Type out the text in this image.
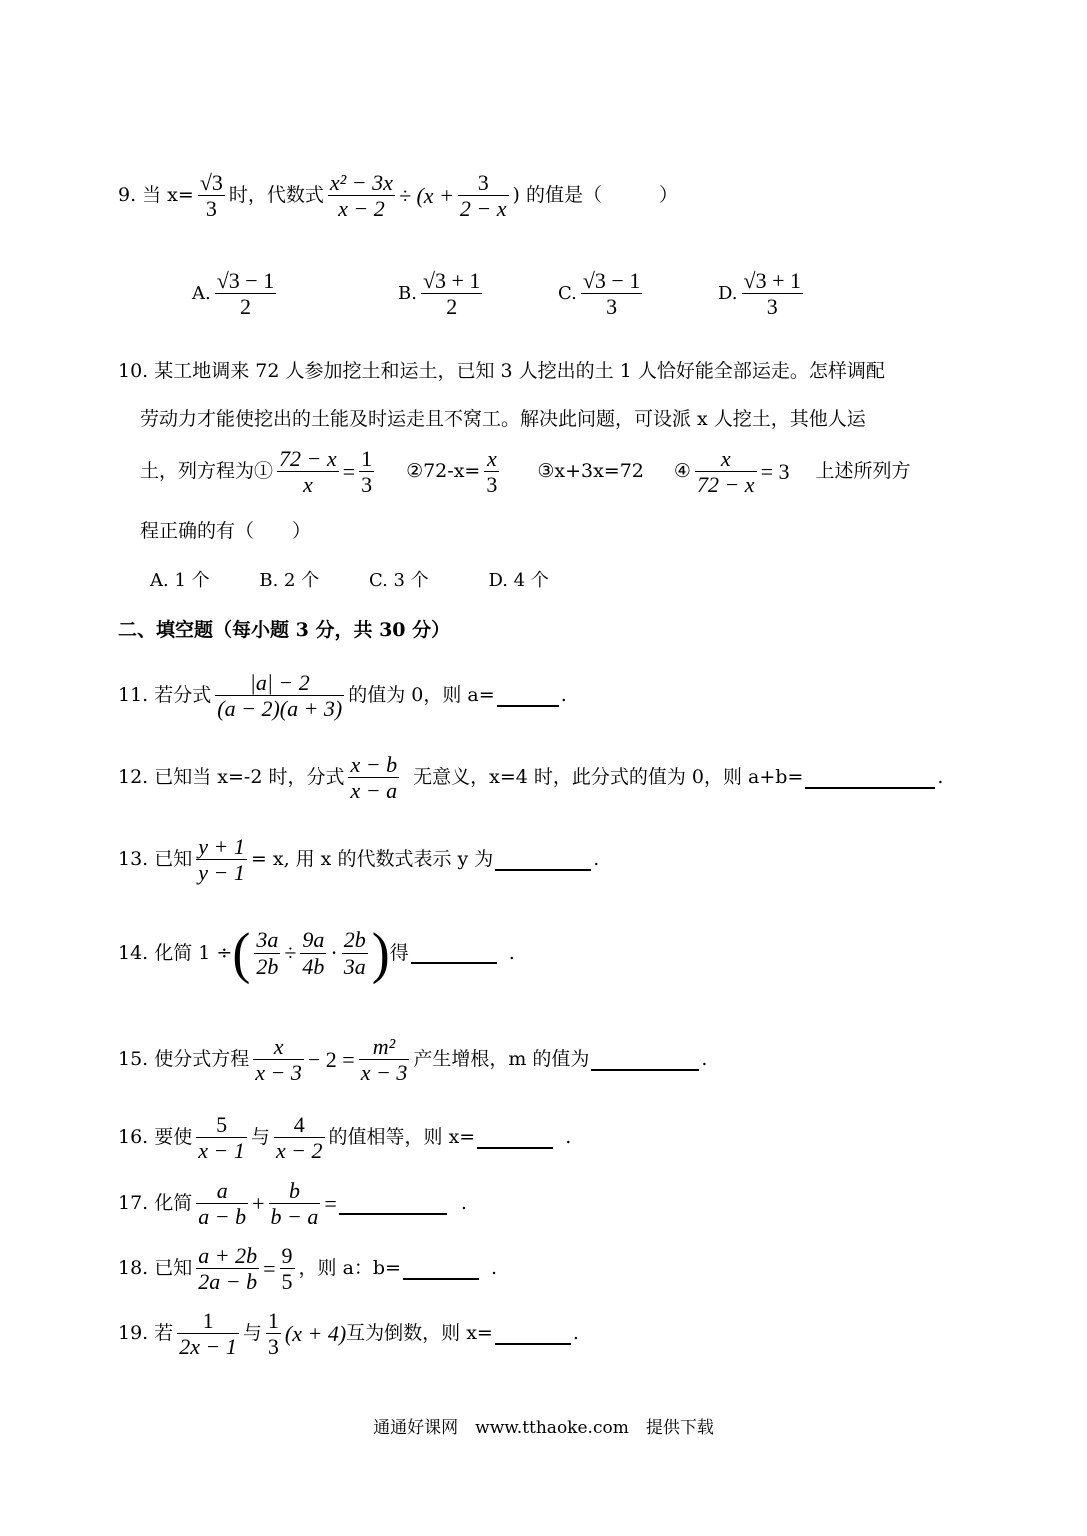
9. 当 $x= \frac{√3}{3}$ 时，代数式 $\frac{\text{x² − 3x}}{x - 2} \div (x + \frac{3}{2 - x}$ ) 的值是（　　　）
A. $\frac{√3 - 1}{2}$	B. $\frac{√3 + 1}{2}$	C. $\frac{√3 - 1}{3}$	D. $\frac{√3 + 1}{3}$
10. 某工地调来 72 人参加挖土和运土，已知 3 人挖出的土 1 人恰好能全部运走。怎样调配
劳动力才能使挖出的土能及时运走且不窝工。解决此问题，可设派 x 人挖土，其他人运
土，列方程为① $\frac{72 - x}{x} = \frac{1}{3}$ ②72-x= $\frac{x}{3}$ ③x+3x=72 ④ $\frac{x}{72 - x} = 3$ 上述所列方
程正确的有（　　）
A. 1 个	B. 2 个	C. 3 个	D. 4 个
二、填空题（每小题 3 分，共 30 分）
11. 若分式 $\frac{|a| - 2}{(a - 2)(a + 3)}$ 的值为 0，则 a=	.
12. 已知当 x=-2 时，分式 $\frac{x - b}{x - a}$ 无意义，x=4 时，此分式的值为 0，则 a+b=	.
13. 已知 $\frac{y + 1}{y - 1} = x$, 用 x 的代数式表示 y 为	.
14. 化简 1 ÷ ( $\frac{3a}{2b} \div \frac{9a}{4b} \cdot \frac{2b}{3a}$ ) 得	.
15. 使分式方程 $\frac{x}{x - 3} - 2 = \frac{\text{m²}}{x - 3}$ 产生增根，m 的值为	.
16. 要使 $\frac{5}{x - 1}$ 与 $\frac{4}{x - 2}$ 的值相等，则 x=	.
17. 化简 $\frac{a}{a - b} + \frac{b}{b - a}$ =	.
18. 已知 $\frac{a + 2b}{2a - b} = \frac{9}{5}$ ，则 a：b=	.
19. 若 $\frac{1}{2x - 1}$ 与 $\frac{1}{3} (x + 4)$ 互为倒数，则 x=	.
通通好课网　www.tthaoke.com　提供下载
